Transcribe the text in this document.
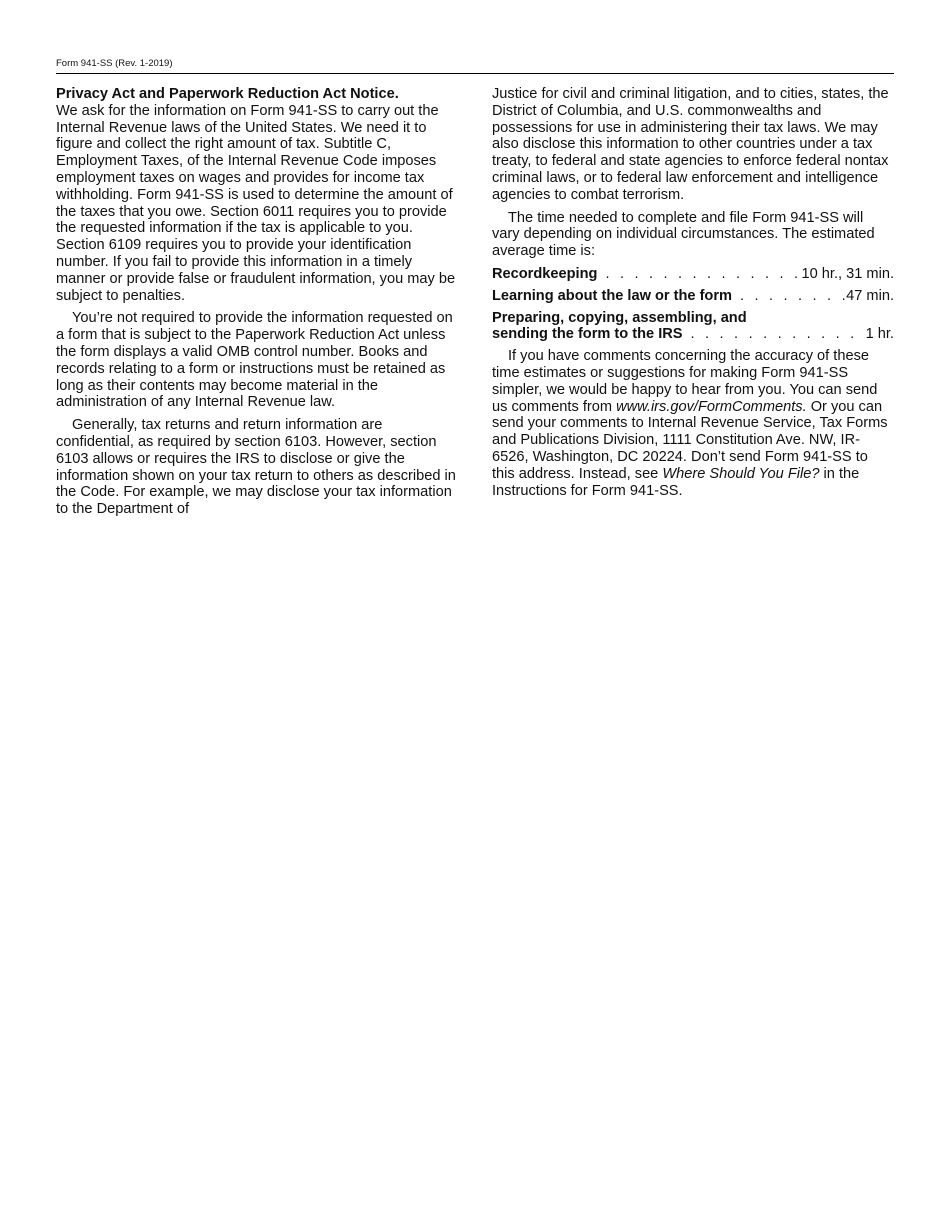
Form 941-SS (Rev. 1-2019)
Privacy Act and Paperwork Reduction Act Notice.

We ask for the information on Form 941-SS to carry out the Internal Revenue laws of the United States. We need it to figure and collect the right amount of tax. Subtitle C, Employment Taxes, of the Internal Revenue Code imposes employment taxes on wages and provides for income tax withholding. Form 941-SS is used to determine the amount of the taxes that you owe. Section 6011 requires you to provide the requested information if the tax is applicable to you. Section 6109 requires you to provide your identification number. If you fail to provide this information in a timely manner or provide false or fraudulent information, you may be subject to penalties.

You’re not required to provide the information requested on a form that is subject to the Paperwork Reduction Act unless the form displays a valid OMB control number. Books and records relating to a form or instructions must be retained as long as their contents may become material in the administration of any Internal Revenue law.

Generally, tax returns and return information are confidential, as required by section 6103. However, section 6103 allows or requires the IRS to disclose or give the information shown on your tax return to others as described in the Code. For example, we may disclose your tax information to the Department of

Justice for civil and criminal litigation, and to cities, states, the District of Columbia, and U.S. commonwealths and possessions for use in administering their tax laws. We may also disclose this information to other countries under a tax treaty, to federal and state agencies to enforce federal nontax criminal laws, or to federal law enforcement and intelligence agencies to combat terrorism.

The time needed to complete and file Form 941-SS will vary depending on individual circumstances. The estimated average time is:

Recordkeeping . . .	10 hr., 31 min.
Learning about the law or the form . . .	47 min.
Preparing, copying, assembling, and
sending the form to the IRS . . .	1 hr.

If you have comments concerning the accuracy of these time estimates or suggestions for making Form 941-SS simpler, we would be happy to hear from you. You can send us comments from www.irs.gov/FormComments. Or you can send your comments to Internal Revenue Service, Tax Forms and Publications Division, 1111 Constitution Ave. NW, IR-6526, Washington, DC 20224. Don’t send Form 941-SS to this address. Instead, see Where Should You File? in the Instructions for Form 941-SS.
